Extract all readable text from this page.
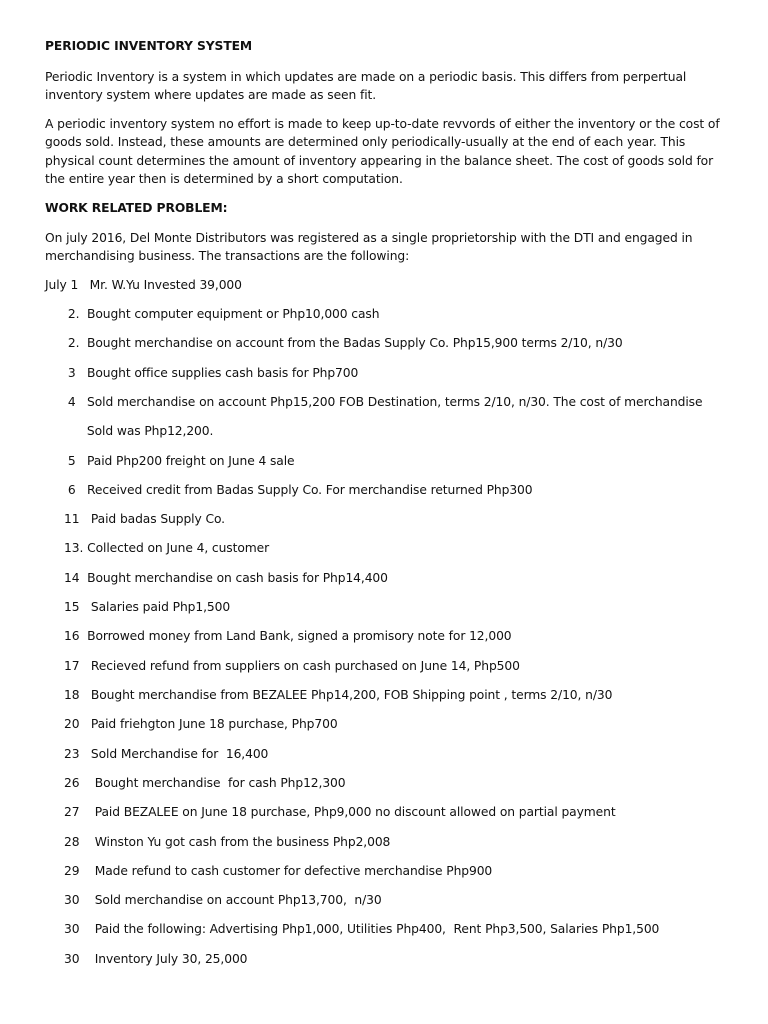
PERIODIC INVENTORY SYSTEM
Periodic Inventory is a system in which updates are made on a periodic basis. This differs from perpertual inventory system where updates are made as seen fit.
A periodic inventory system no effort is made to keep up-to-date revvords of either the inventory or the cost of goods sold. Instead, these amounts are determined only periodically-usually at the end of each year. This physical count determines the amount of inventory appearing in the balance sheet. The cost of goods sold for the entire year then is determined by a short computation.
WORK RELATED PROBLEM:
On july 2016, Del Monte Distributors was registered as a single proprietorship with the DTI and engaged in merchandising business. The transactions are the following:
July 1   Mr. W.Yu Invested 39,000
2.  Bought computer equipment or Php10,000 cash
2.  Bought merchandise on account from the Badas Supply Co. Php15,900 terms 2/10, n/30
3   Bought office supplies cash basis for Php700
4   Sold merchandise on account Php15,200 FOB Destination, terms 2/10, n/30. The cost of merchandise
Sold was Php12,200.
5   Paid Php200 freight on June 4 sale
6   Received credit from Badas Supply Co. For merchandise returned Php300
11   Paid badas Supply Co.
13. Collected on June 4, customer
14  Bought merchandise on cash basis for Php14,400
15   Salaries paid Php1,500
16  Borrowed money from Land Bank, signed a promisory note for 12,000
17   Recieved refund from suppliers on cash purchased on June 14, Php500
18   Bought merchandise from BEZALEE Php14,200, FOB Shipping point , terms 2/10, n/30
20   Paid friehgton June 18 purchase, Php700
23   Sold Merchandise for  16,400
26    Bought merchandise  for cash Php12,300
27    Paid BEZALEE on June 18 purchase, Php9,000 no discount allowed on partial payment
28    Winston Yu got cash from the business Php2,008
29    Made refund to cash customer for defective merchandise Php900
30    Sold merchandise on account Php13,700,  n/30
30    Paid the following: Advertising Php1,000, Utilities Php400,  Rent Php3,500, Salaries Php1,500
30    Inventory July 30, 25,000
